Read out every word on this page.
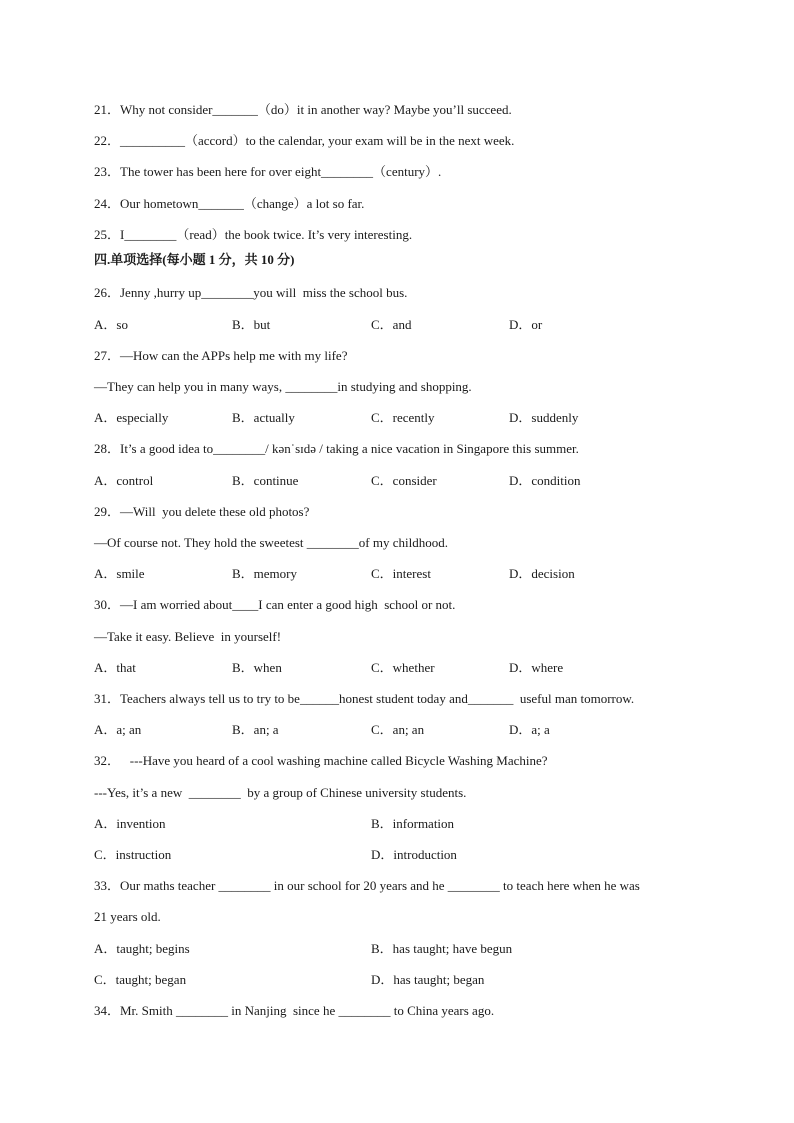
21．Why not consider_______（do）it in another way? Maybe you’ll succeed.
22．__________（accord）to the calendar, your exam will be in the next week.
23．The tower has been here for over eight________（century）.
24．Our hometown_______（change）a lot so far.
25．I________（read）the book twice. It’s very interesting.
四.单项选择(每小题 1 分，共 10 分)
26．Jenny ,hurry up________you will  miss the school bus.
A．so	B．but	C．and	D．or
27．—How can the APPs help me with my life?
—They can help you in many ways, ________in studying and shopping.
A．especially	B．actually	C．recently	D．suddenly
28．It’s a good idea to________/ kənˈsɪdə / taking a nice vacation in Singapore this summer.
A．control	B．continue	C．consider	D．condition
29．—Will  you delete these old photos?
—Of course not. They hold the sweetest ________of my childhood.
A．smile	B．memory	C．interest	D．decision
30．—I am worried about____I can enter a good high  school or not.
—Take it easy. Believe  in yourself!
A．that	B．when	C．whether	D．where
31．Teachers always tell us to try to be______honest student today and_______  useful man tomorrow.
A．a; an	B．an; a	C．an; an	D．a; a
32．   ---Have you heard of a cool washing machine called Bicycle Washing Machine?
---Yes, it’s a new  ________  by a group of Chinese university students.
A．invention	B．information
C．instruction	D．introduction
33．Our maths teacher ________ in our school for 20 years and he ________ to teach here when he was
21 years old.
A．taught; begins	B．has taught; have begun
C．taught; began	D．has taught; began
34．Mr. Smith ________ in Nanjing  since he ________ to China years ago.
